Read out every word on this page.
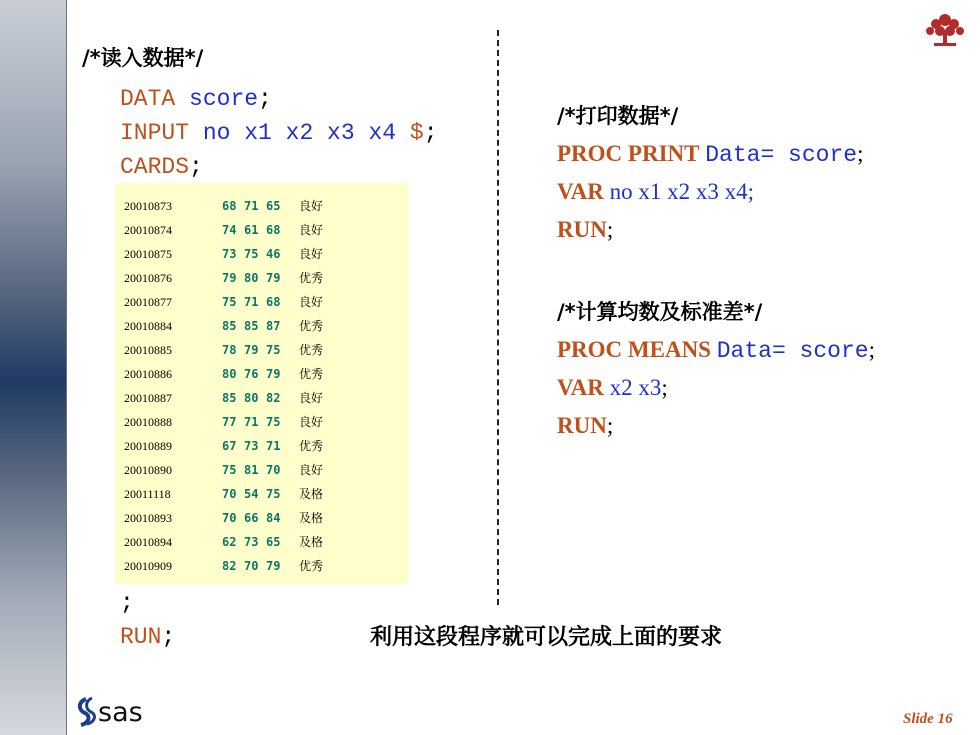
/*读入数据*/
DATA score;
INPUT no x1 x2 x3 x4 $;
CARDS;
20010873	68 71 65 良好
20010874	74 61 68 良好
20010875	73 75 46 良好
20010876	79 80 79 优秀
20010877	75 71 68 良好
20010884	85 85 87 优秀
20010885	78 79 75 优秀
20010886	80 76 79 优秀
20010887	85 80 82 良好
20010888	77 71 75 良好
20010889	67 73 71 优秀
20010890	75 81 70 良好
20011118	70 54 75 及格
20010893	70 66 84 及格
20010894	62 73 65 及格
20010909	82 70 79 优秀
;
RUN;
/*打印数据*/
PROC PRINT Data= score;
VAR no x1 x2 x3 x4;
RUN;
/*计算均数及标准差*/
PROC MEANS Data= score;
VAR x2 x3;
RUN;
利用这段程序就可以完成上面的要求
sas	Slide 16
